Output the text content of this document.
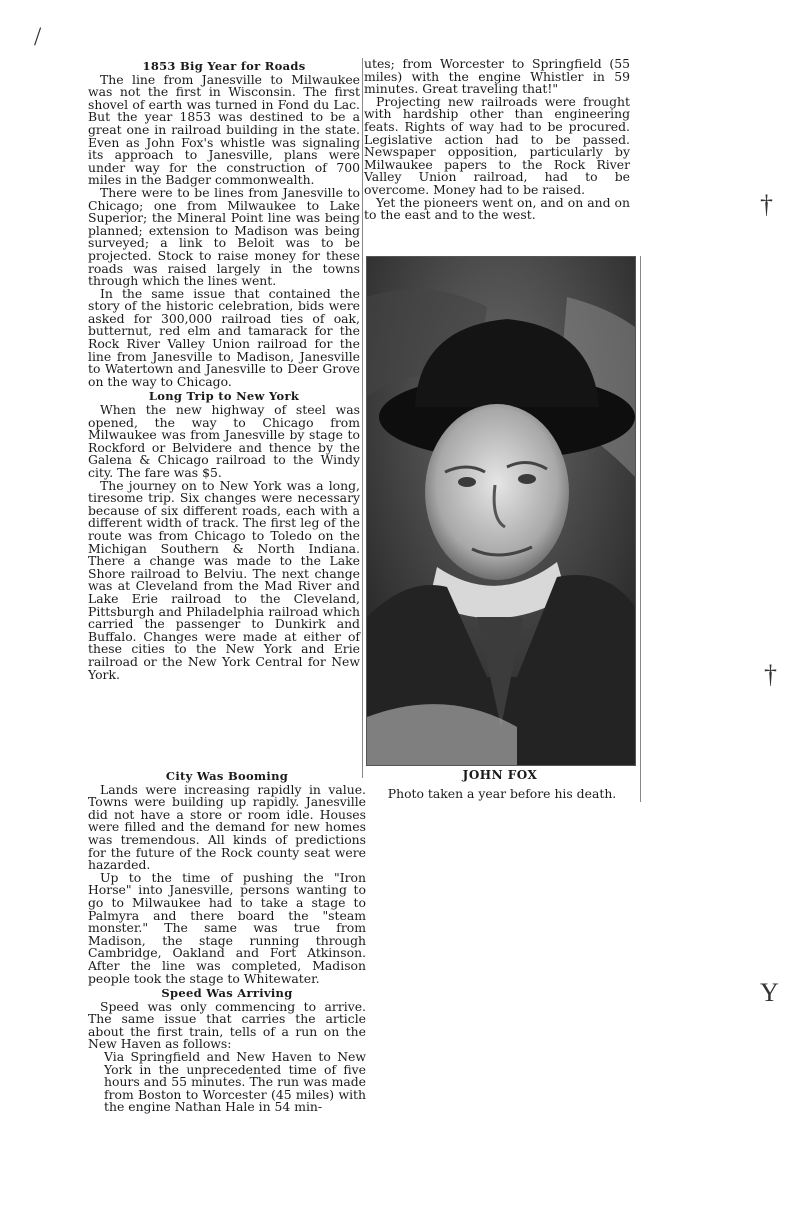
/
†
†
Y
1853 Big Year for Roads

The line from Janesville to Milwaukee was not the first in Wisconsin. The first shovel of earth was turned in Fond du Lac. But the year 1853 was destined to be a great one in railroad building in the state. Even as John Fox's whistle was signaling its approach to Janesville, plans were under way for the construction of 700 miles in the Badger commonwealth.

There were to be lines from Janesville to Chicago; one from Milwaukee to Lake Superior; the Mineral Point line was being planned; extension to Madison was being surveyed; a link to Beloit was to be projected. Stock to raise money for these roads was raised largely in the towns through which the lines went.

In the same issue that contained the story of the historic celebration, bids were asked for 300,000 railroad ties of oak, butternut, red elm and tamarack for the Rock River Valley Union railroad for the line from Janesville to Madison, Janesville to Watertown and Janesville to Deer Grove on the way to Chicago.

Long Trip to New York

When the new highway of steel was opened, the way to Chicago from Milwaukee was from Janesville by stage to Rockford or Belvidere and thence by the Galena & Chicago railroad to the Windy city. The fare was $5.

The journey on to New York was a long, tiresome trip. Six changes were necessary because of six different roads, each with a different width of track. The first leg of the route was from Chicago to Toledo on the Michigan Southern & North Indiana. There a change was made to the Lake Shore railroad to Belviu. The next change was at Cleveland from the Mad River and Lake Erie railroad to the Cleveland, Pittsburgh and Philadelphia railroad which carried the passenger to Dunkirk and Buffalo. Changes were made at either of these cities to the New York and Erie railroad or the New York Central for New York.

City Was Booming

Lands were increasing rapidly in value. Towns were building up rapidly. Janesville did not have a store or room idle. Houses were filled and the demand for new homes was tremendous. All kinds of predictions for the future of the Rock county seat were hazarded.

Up to the time of pushing the "Iron Horse" into Janesville, persons wanting to go to Milwaukee had to take a stage to Palmyra and there board the "steam monster." The same was true from Madison, the stage running through Cambridge, Oakland and Fort Atkinson. After the line was completed, Madison people took the stage to Whitewater.

Speed Was Arriving

Speed was only commencing to arrive. The same issue that carries the article about the first train, tells of a run on the New Haven as follows:

Via Springfield and New Haven to New York in the unprecedented time of five hours and 55 minutes. The run was made from Boston to Worcester (45 miles) with the engine Nathan Hale in 54 min-

utes; from Worcester to Springfield (55 miles) with the engine Whistler in 59 minutes. Great traveling that!"

Projecting new railroads were frought with hardship other than engineering feats. Rights of way had to be procured. Legislative action had to be passed. Newspaper opposition, particularly by Milwaukee papers to the Rock River Valley Union railroad, had to be overcome. Money had to be raised.

Yet the pioneers went on, and on and on to the east and to the west.

JOHN FOX
Photo taken a year before his death.
